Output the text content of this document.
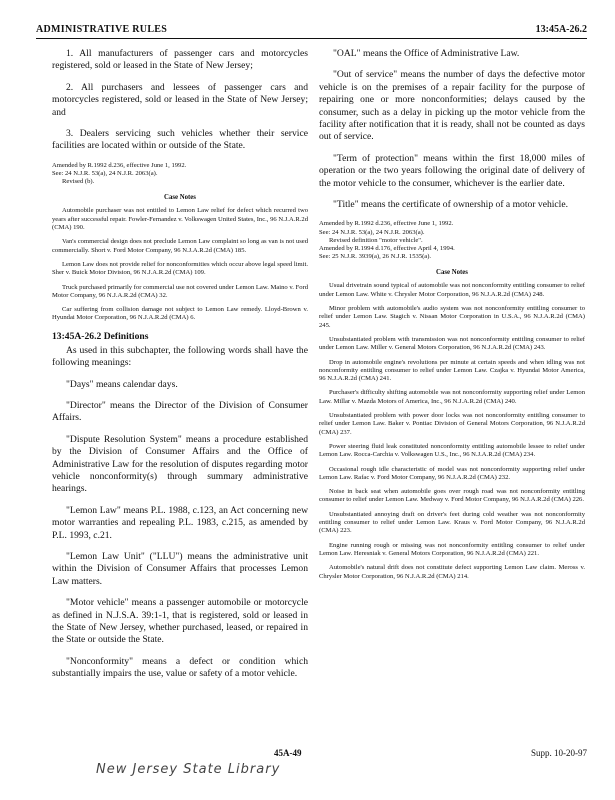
ADMINISTRATIVE RULES	13:45A-26.2

1. All manufacturers of passenger cars and motorcycles registered, sold or leased in the State of New Jersey;

2. All purchasers and lessees of passenger cars and motorcycles registered, sold or leased in the State of New Jersey; and

3. Dealers servicing such vehicles whether their service facilities are located within or outside of the State.

Amended by R.1992 d.236, effective June 1, 1992.
See: 24 N.J.R. 53(a), 24 N.J.R. 2063(a).
Revised (b).
Case Notes

Automobile purchaser was not entitled to Lemon Law relief for defect which recurred two years after successful repair. Fowler-Fernandez v. Volkswagen United States, Inc., 96 N.J.A.R.2d (CMA) 190.

Van's commercial design does not preclude Lemon Law complaint so long as van is not used commercially. Short v. Ford Motor Company, 96 N.J.A.R.2d (CMA) 185.

Lemon Law does not provide relief for nonconformities which occur above legal speed limit. Sher v. Buick Motor Division, 96 N.J.A.R.2d (CMA) 109.

Truck purchased primarily for commercial use not covered under Lemon Law. Maino v. Ford Motor Company, 96 N.J.A.R.2d (CMA) 32.

Car suffering from collision damage not subject to Lemon Law remedy. Lloyd-Brown v. Hyundai Motor Corporation, 96 N.J.A.R.2d (CMA) 6.

13:45A-26.2 Definitions

As used in this subchapter, the following words shall have the following meanings:

"Days" means calendar days.

"Director" means the Director of the Division of Consumer Affairs.

"Dispute Resolution System" means a procedure established by the Division of Consumer Affairs and the Office of Administrative Law for the resolution of disputes regarding motor vehicle nonconformity(s) through summary administrative hearings.

"Lemon Law" means P.L. 1988, c.123, an Act concerning new motor warranties and repealing P.L. 1983, c.215, as amended by P.L. 1993, c.21.

"Lemon Law Unit" ("LLU") means the administrative unit within the Division of Consumer Affairs that processes Lemon Law matters.

"Motor vehicle" means a passenger automobile or motorcycle as defined in N.J.S.A. 39:1-1, that is registered, sold or leased in the State of New Jersey, whether purchased, leased, or repaired in the State or outside the State.

"Nonconformity" means a defect or condition which substantially impairs the use, value or safety of a motor vehicle.

"OAL" means the Office of Administrative Law.

"Out of service" means the number of days the defective motor vehicle is on the premises of a repair facility for the purpose of repairing one or more nonconformities; delays caused by the consumer, such as a delay in picking up the motor vehicle from the facility after notification that it is ready, shall not be counted as days out of service.

"Term of protection" means within the first 18,000 miles of operation or the two years following the original date of delivery of the motor vehicle to the consumer, whichever is the earlier date.

"Title" means the certificate of ownership of a motor vehicle.

Amended by R.1992 d.236, effective June 1, 1992.
See: 24 N.J.R. 53(a), 24 N.J.R. 2063(a).
Revised definition "motor vehicle".
Amended by R.1994 d.176, effective April 4, 1994.
See: 25 N.J.R. 3939(a), 26 N.J.R. 1535(a).
Case Notes

Usual drivetrain sound typical of automobile was not nonconformity entitling consumer to relief under Lemon Law. White v. Chrysler Motor Corporation, 96 N.J.A.R.2d (CMA) 248.

Minor problem with automobile's audio system was not nonconformity entitling consumer to relief under Lemon Law. Stagich v. Nissan Motor Corporation in U.S.A., 96 N.J.A.R.2d (CMA) 245.

Unsubstantiated problem with transmission was not nonconformity entitling consumer to relief under Lemon Law. Miller v. General Motors Corporation, 96 N.J.A.R.2d (CMA) 243.

Drop in automobile engine's revolutions per minute at certain speeds and when idling was not nonconformity entitling consumer to relief under Lemon Law. Czajka v. Hyundai Motor America, 96 N.J.A.R.2d (CMA) 241.

Purchaser's difficulty shifting automobile was not nonconformity supporting relief under Lemon Law. Millar v. Mazda Motors of America, Inc., 96 N.J.A.R.2d (CMA) 240.

Unsubstantiated problem with power door locks was not nonconformity entitling consumer to relief under Lemon Law. Baker v. Pontiac Division of General Motors Corporation, 96 N.J.A.R.2d (CMA) 237.

Power steering fluid leak constituted nonconformity entitling automobile lessee to relief under Lemon Law. Rocca-Carchia v. Volkswagen U.S., Inc., 96 N.J.A.R.2d (CMA) 234.

Occasional rough idle characteristic of model was not nonconformity supporting relief under Lemon Law. Rafac v. Ford Motor Company, 96 N.J.A.R.2d (CMA) 232.

Noise in back seat when automobile goes over rough road was not nonconformity entitling consumer to relief under Lemon Law. Medway v. Ford Motor Company, 96 N.J.A.R.2d (CMA) 226.

Unsubstantiated annoying draft on driver's feet during cold weather was not nonconformity entitling consumer to relief under Lemon Law. Kraus v. Ford Motor Company, 96 N.J.A.R.2d (CMA) 223.

Engine running rough or missing was not nonconformity entitling consumer to relief under Lemon Law. Heresniak v. General Motors Corporation, 96 N.J.A.R.2d (CMA) 221.

Automobile's natural drift does not constitute defect supporting Lemon Law claim. Meross v. Chrysler Motor Corporation, 96 N.J.A.R.2d (CMA) 214.

45A-49	Supp. 10-20-97
New Jersey State Library
